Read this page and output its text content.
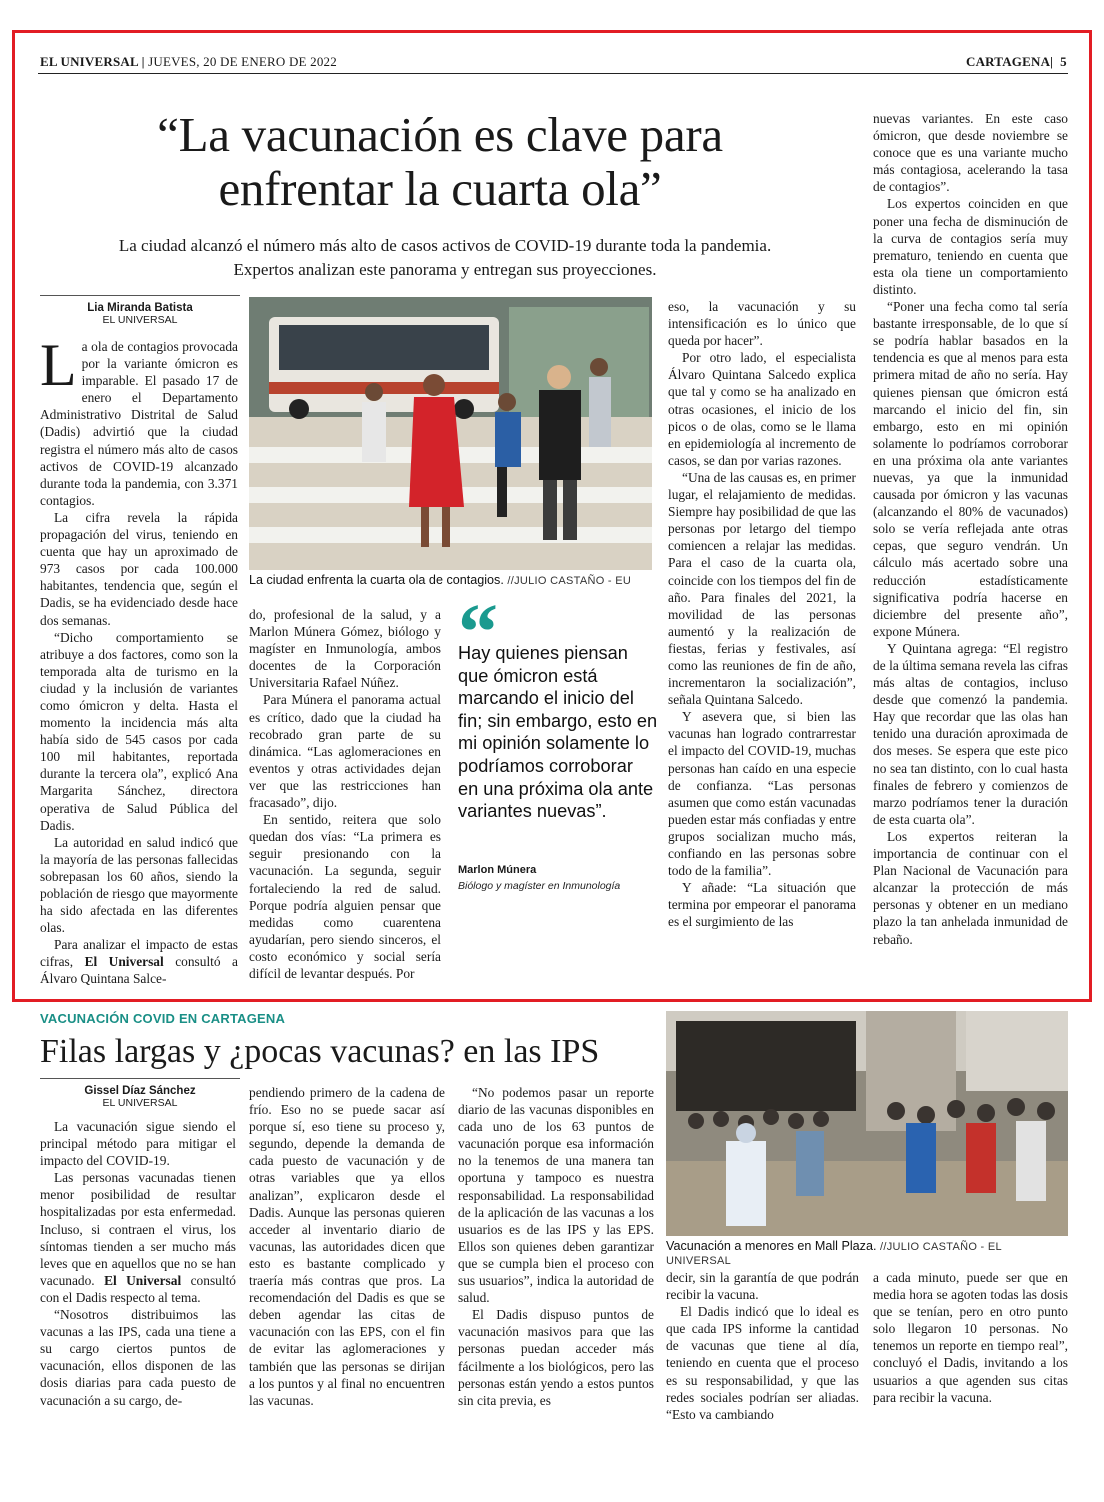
EL UNIVERSAL | JUEVES, 20 DE ENERO DE 2022	CARTAGENA|  5
“La vacunación es clave para
enfrentar la cuarta ola”
La ciudad alcanzó el número más alto de casos activos de COVID-19 durante toda la pandemia.
Expertos analizan este panorama y entregan sus proyecciones.
Lia Miranda Batista
EL UNIVERSAL

La ola de contagios provocada por la variante ómicron es imparable. El pasado 17 de enero el Departamento Administrativo Distrital de Salud (Dadis) advirtió que la ciudad registra el número más alto de casos activos de COVID-19 alcanzado durante toda la pandemia, con 3.371 contagios.

La cifra revela la rápida propagación del virus, teniendo en cuenta que hay un aproximado de 973 casos por cada 100.000 habitantes, tendencia que, según el Dadis, se ha evidenciado desde hace dos semanas.

“Dicho comportamiento se atribuye a dos factores, como son la temporada alta de turismo en la ciudad y la inclusión de variantes como ómicron y delta. Hasta el momento la incidencia más alta había sido de 545 casos por cada 100 mil habitantes, reportada durante la tercera ola”, explicó Ana Margarita Sánchez, directora operativa de Salud Pública del Dadis.

La autoridad en salud indicó que la mayoría de las personas fallecidas sobrepasan los 60 años, siendo la población de riesgo que mayormente ha sido afectada en las diferentes olas.

Para analizar el impacto de estas cifras, El Universal consultó a Álvaro Quintana Salce-

La ciudad enfrenta la cuarta ola de contagios. //JULIO CASTAÑO - EU

do, profesional de la salud, y a Marlon Múnera Gómez, biólogo y magíster en Inmunología, ambos docentes de la Corporación Universitaria Rafael Núñez.

Para Múnera el panorama actual es crítico, dado que la ciudad ha recobrado gran parte de su dinámica. “Las aglomeraciones en eventos y otras actividades dejan ver que las restricciones han fracasado”, dijo.

En sentido, reitera que solo quedan dos vías: “La primera es seguir presionando con la vacunación. La segunda, seguir fortaleciendo la red de salud. Porque podría alguien pensar que medidas como cuarentena ayudarían, pero siendo sinceros, el costo económico y social sería difícil de levantar después. Por

“
Hay quienes piensan que ómicron está marcando el inicio del fin; sin embargo, esto en mi opinión solamente lo podríamos corroborar en una próxima ola ante variantes nuevas”.
Marlon Múnera
Biólogo y magíster en Inmunología

eso, la vacunación y su intensificación es lo único que queda por hacer”.

Por otro lado, el especialista Álvaro Quintana Salcedo explica que tal y como se ha analizado en otras ocasiones, el inicio de los picos o de olas, como se le llama en epidemiología al incremento de casos, se dan por varias razones.

“Una de las causas es, en primer lugar, el relajamiento de medidas. Siempre hay posibilidad de que las personas por letargo del tiempo comiencen a relajar las medidas. Para el caso de la cuarta ola, coincide con los tiempos del fin de año. Para finales del 2021, la movilidad de las personas aumentó y la realización de fiestas, ferias y festivales, así como las reuniones de fin de año, incrementaron la socialización”, señala Quintana Salcedo.

Y asevera que, si bien las vacunas han logrado contrarrestar el impacto del COVID-19, muchas personas han caído en una especie de confianza. “Las personas asumen que como están vacunadas pueden estar más confiadas y entre grupos socializan mucho más, confiando en las personas sobre todo de la familia”.

Y añade: “La situación que termina por empeorar el panorama es el surgimiento de las

nuevas variantes. En este caso ómicron, que desde noviembre se conoce que es una variante mucho más contagiosa, acelerando la tasa de contagios”.

Los expertos coinciden en que poner una fecha de disminución de la curva de contagios sería muy prematuro, teniendo en cuenta que esta ola tiene un comportamiento distinto.

“Poner una fecha como tal sería bastante irresponsable, de lo que sí se podría hablar basados en la tendencia es que al menos para esta primera mitad de año no sería. Hay quienes piensan que ómicron está marcando el inicio del fin, sin embargo, esto en mi opinión solamente lo podríamos corroborar en una próxima ola ante variantes nuevas, ya que la inmunidad causada por ómicron y las vacunas (alcanzando el 80% de vacunados) solo se vería reflejada ante otras cepas, que seguro vendrán. Un cálculo más acertado sobre una reducción estadísticamente significativa podría hacerse en diciembre del presente año”, expone Múnera.

Y Quintana agrega: “El registro de la última semana revela las cifras más altas de contagios, incluso desde que comenzó la pandemia. Hay que recordar que las olas han tenido una duración aproximada de dos meses. Se espera que este pico no sea tan distinto, con lo cual hasta finales de febrero y comienzos de marzo podríamos tener la duración de esta cuarta ola”.

Los expertos reiteran la importancia de continuar con el Plan Nacional de Vacunación para alcanzar la protección de más personas y obtener en un mediano plazo la tan anhelada inmunidad de rebaño.

VACUNACIÓN COVID EN CARTAGENA
Filas largas y ¿pocas vacunas? en las IPS
Gissel Díaz Sánchez
EL UNIVERSAL

La vacunación sigue siendo el principal método para mitigar el impacto del COVID-19.

Las personas vacunadas tienen menor posibilidad de resultar hospitalizadas por esta enfermedad. Incluso, si contraen el virus, los síntomas tienden a ser mucho más leves que en aquellos que no se han vacunado. El Universal consultó con el Dadis respecto al tema.

“Nosotros distribuimos las vacunas a las IPS, cada una tiene a su cargo ciertos puntos de vacunación, ellos disponen de las dosis diarias para cada puesto de vacunación a su cargo, de-

pendiendo primero de la cadena de frío. Eso no se puede sacar así porque sí, eso tiene su proceso y, segundo, depende la demanda de cada puesto de vacunación y de otras variables que ya ellos analizan”, explicaron desde el Dadis. Aunque las personas quieren acceder al inventario diario de vacunas, las autoridades dicen que esto es bastante complicado y traería más contras que pros. La recomendación del Dadis es que se deben agendar las citas de vacunación con las EPS, con el fin de evitar las aglomeraciones y también que las personas se dirijan a los puntos y al final no encuentren las vacunas.

“No podemos pasar un reporte diario de las vacunas disponibles en cada uno de los 63 puntos de vacunación porque esa información no la tenemos de una manera tan oportuna y tampoco es nuestra responsabilidad. La responsabilidad de la aplicación de las vacunas a los usuarios es de las IPS y las EPS. Ellos son quienes deben garantizar que se cumpla bien el proceso con sus usuarios”, indica la autoridad de salud.

El Dadis dispuso puntos de vacunación masivos para que las personas puedan acceder más fácilmente a los biológicos, pero las personas están yendo a estos puntos sin cita previa, es

Vacunación a menores en Mall Plaza. //JULIO CASTAÑO - EL UNIVERSAL

decir, sin la garantía de que podrán recibir la vacuna.

El Dadis indicó que lo ideal es que cada IPS informe la cantidad de vacunas que tiene al día, teniendo en cuenta que el proceso es su responsabilidad, y que las redes sociales podrían ser aliadas. “Esto va cambiando

a cada minuto, puede ser que en media hora se agoten todas las dosis que se tenían, pero en otro punto solo llegaron 10 personas. No tenemos un reporte en tiempo real”, concluyó el Dadis, invitando a los usuarios a que agenden sus citas para recibir la vacuna.
